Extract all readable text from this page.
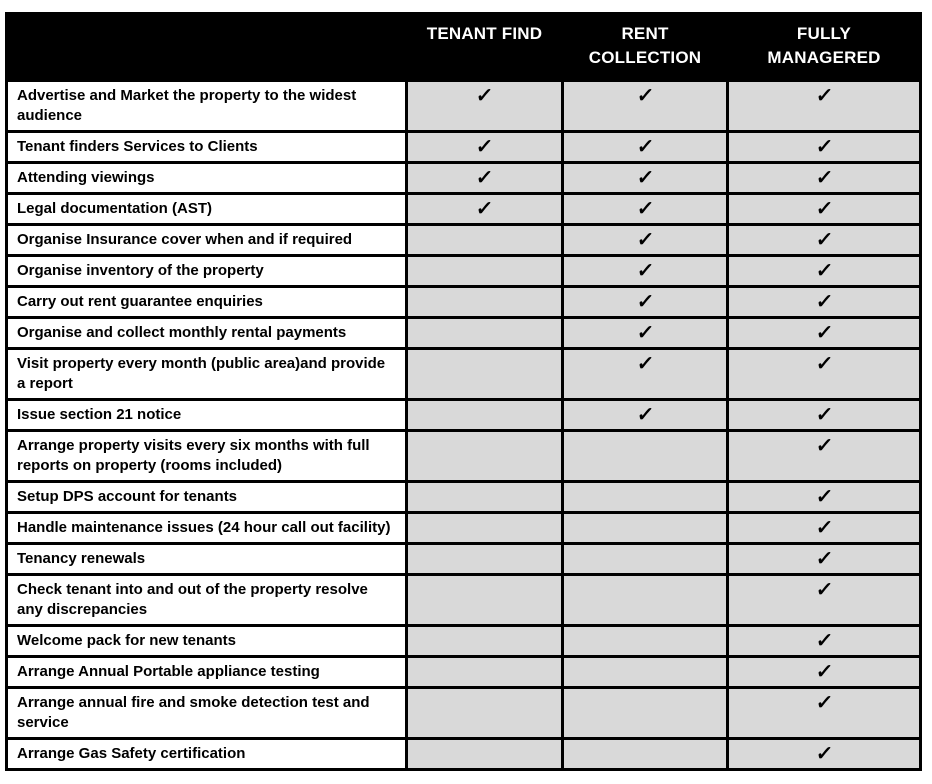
	TENANT FIND	RENT COLLECTION	FULLY MANAGERED
Advertise and Market the property to the widest audience	✓	✓	✓
Tenant finders Services to Clients	✓	✓	✓
Attending viewings	✓	✓	✓
Legal documentation (AST)	✓	✓	✓
Organise Insurance cover when and if required		✓	✓
Organise inventory of the property		✓	✓
Carry out rent guarantee enquiries		✓	✓
Organise and collect monthly rental payments		✓	✓
Visit property every month (public area)and provide a report		✓	✓
Issue section 21 notice		✓	✓
Arrange property visits every six months with full reports on property (rooms included)			✓
Setup DPS account for tenants			✓
Handle maintenance issues (24 hour call out facility)			✓
Tenancy renewals			✓
Check tenant into and out of the property resolve any discrepancies			✓
Welcome pack for new tenants			✓
Arrange Annual Portable appliance testing			✓
Arrange annual fire and smoke detection test and service			✓
Arrange Gas Safety certification			✓
